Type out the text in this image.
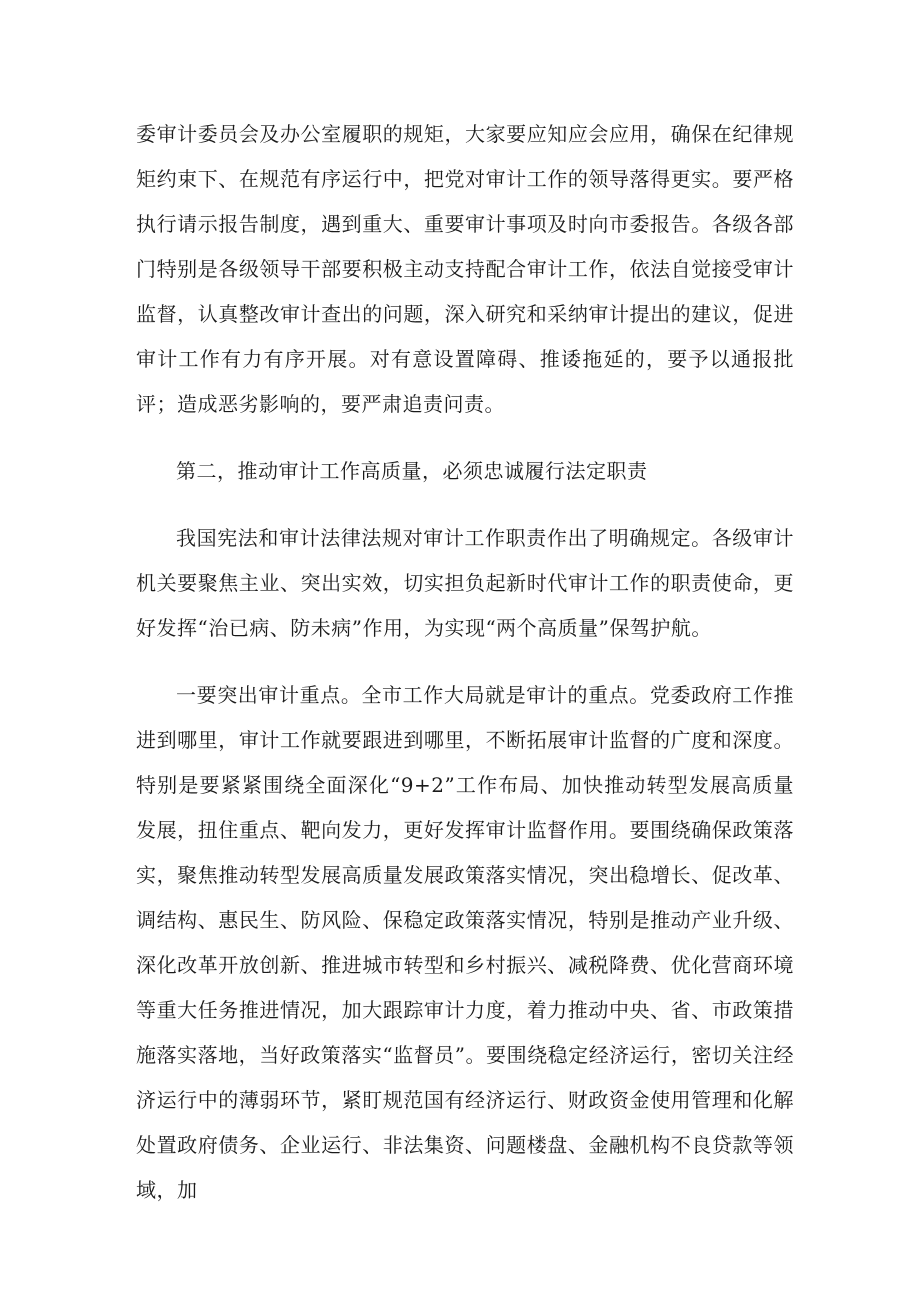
委审计委员会及办公室履职的规矩，大家要应知应会应用，确保在纪律规矩约束下、在规范有序运行中，把党对审计工作的领导落得更实。要严格执行请示报告制度，遇到重大、重要审计事项及时向市委报告。各级各部门特别是各级领导干部要积极主动支持配合审计工作，依法自觉接受审计监督，认真整改审计查出的问题，深入研究和采纳审计提出的建议，促进审计工作有力有序开展。对有意设置障碍、推诿拖延的，要予以通报批评；造成恶劣影响的，要严肃追责问责。

第二，推动审计工作高质量，必须忠诚履行法定职责

我国宪法和审计法律法规对审计工作职责作出了明确规定。各级审计机关要聚焦主业、突出实效，切实担负起新时代审计工作的职责使命，更好发挥“治已病、防未病”作用，为实现“两个高质量”保驾护航。

一要突出审计重点。全市工作大局就是审计的重点。党委政府工作推进到哪里，审计工作就要跟进到哪里，不断拓展审计监督的广度和深度。特别是要紧紧围绕全面深化“9+2”工作布局、加快推动转型发展高质量发展，扭住重点、靶向发力，更好发挥审计监督作用。要围绕确保政策落实，聚焦推动转型发展高质量发展政策落实情况，突出稳增长、促改革、调结构、惠民生、防风险、保稳定政策落实情况，特别是推动产业升级、深化改革开放创新、推进城市转型和乡村振兴、减税降费、优化营商环境等重大任务推进情况，加大跟踪审计力度，着力推动中央、省、市政策措施落实落地，当好政策落实“监督员”。要围绕稳定经济运行，密切关注经济运行中的薄弱环节，紧盯规范国有经济运行、财政资金使用管理和化解处置政府债务、企业运行、非法集资、问题楼盘、金融机构不良贷款等领域，加
